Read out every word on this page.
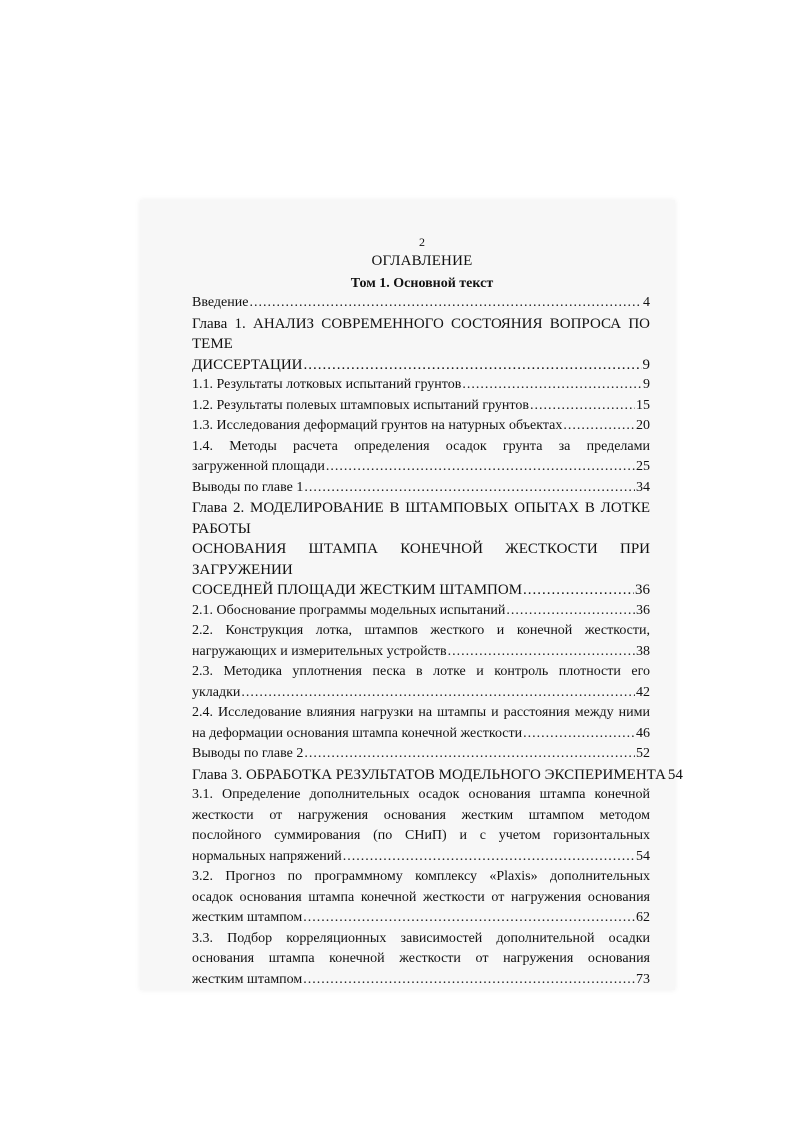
2
ОГЛАВЛЕНИЕ
Том 1. Основной текст
Введение .....	4
Глава 1. АНАЛИЗ СОВРЕМЕННОГО СОСТОЯНИЯ ВОПРОСА ПО ТЕМЕ
ДИССЕРТАЦИИ .....	9
1.1. Результаты лотковых испытаний грунтов .....	9
1.2. Результаты полевых штамповых испытаний грунтов .....	15
1.3. Исследования деформаций грунтов на натурных объектах .....	20
1.4. Методы расчета определения осадок грунта за пределами
загруженной площади .....	25
Выводы по главе 1 .....	34
Глава 2. МОДЕЛИРОВАНИЕ В ШТАМПОВЫХ ОПЫТАХ В ЛОТКЕ РАБОТЫ
ОСНОВАНИЯ ШТАМПА КОНЕЧНОЙ ЖЕСТКОСТИ ПРИ ЗАГРУЖЕНИИ
СОСЕДНЕЙ ПЛОЩАДИ ЖЕСТКИМ ШТАМПОМ .....	36
2.1. Обоснование программы модельных испытаний .....	36
2.2. Конструкция лотка, штампов жесткого и конечной жесткости,
нагружающих и измерительных устройств .....	38
2.3. Методика уплотнения песка в лотке и контроль плотности его
укладки .....	42
2.4. Исследование влияния нагрузки на штампы и расстояния между ними
на деформации основания штампа конечной жесткости .....	46
Выводы по главе 2 .....	52
Глава 3. ОБРАБОТКА РЕЗУЛЬТАТОВ МОДЕЛЬНОГО ЭКСПЕРИМЕНТА 54
3.1. Определение дополнительных осадок основания штампа конечной
жесткости от нагружения основания жестким штампом методом
послойного суммирования (по СНиП) и с учетом горизонтальных
нормальных напряжений .....	54
3.2. Прогноз по программному комплексу «Plaxis» дополнительных
осадок основания штампа конечной жесткости от нагружения основания
жестким штампом .....	62
3.3. Подбор корреляционных зависимостей дополнительной осадки
основания штампа конечной жесткости от нагружения основания
жестким штампом .....	73
